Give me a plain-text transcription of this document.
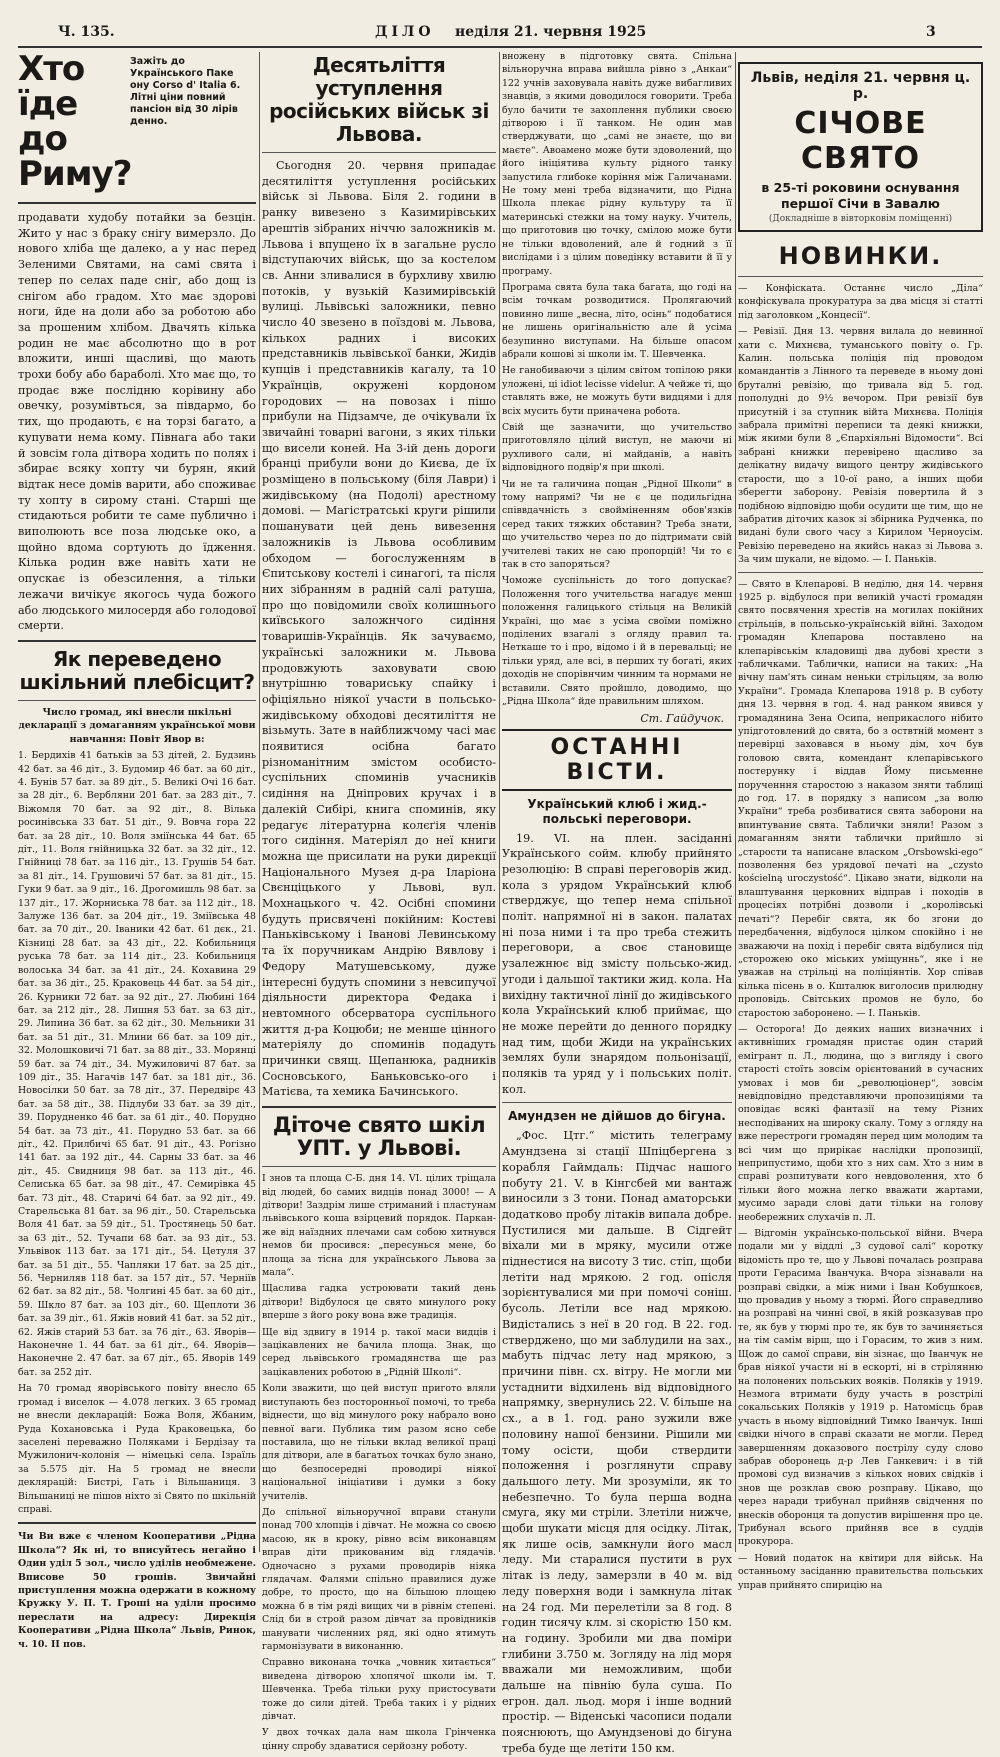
Ч. 135.	ДІЛО неділя 21. червня 1925	3
Хто їде до Риму?
Зажіть до Українського Паке ону Сorso d' Italia 6. Літні ціни повний пансіон від 30 лірів денно.

продавати худобу потайки за безцін. Жито у нас з браку снігу вимерзло. До нового хліба ще далеко, а у нас перед Зеленими Святами, на самі свята і тепер по селах паде сніг, або дощ із снігом або градом. Хто має здорові ноги, йде на доли або за роботою або за прошеним хлібом. Двачять кілька родин не має абсолютно що в рот вложити, инші щасливі, що мають трохи бобу або бараболі. Хто має що, то продає вже послідню корівину або овечку, розумівться, за півдармо, бо тих, що продають, є на торзі багато, а купувати нема кому. Півнага або таки й зовсім гола дітвора ходить по полях і збирає всяку хопту чи бурян, який відтак несе домів варити, або споживає ту хопту в сирому стані. Старші ще стидаються робити те саме публично і виполюють все поза людське око, а щойно вдома сортують до їдження. Кілька родин вже навіть хати не опускає із обезсилення, а тільки лежачи вичікує якогось чуда божого або людського милосердя або голодової смерти.

Як переведено шкільний плебісцит?

Число громад, які внесли шкільні декларації з домаганням української мови навчання: Повіт Явор в:

1. Бердихів 41 батьків за 53 дітей, 2. Будзинь 42 бат. за 46 діт., 3. Будомир 46 бат. за 60 діт., 4. Бунів 57 бат. за 89 діт., 5. Великі Очі 16 бат. за 28 діт., 6. Вербляни 201 бат. за 283 діт., 7. Віжомля 70 бат. за 92 діт., 8. Вілька росинівська 33 бат. 51 діт., 9. Вовча гора 22 бат. за 28 діт., 10. Воля зміїнська 44 бат. 65 діт., 11. Воля гнійницька 32 бат. за 32 діт., 12. Гнійниці 78 бат. за 116 діт., 13. Грушів 54 бат. за 81 діт., 14. Грушовичі 57 бат. за 81 діт., 15. Гуки 9 бат. за 9 діт., 16. Дрогомишль 98 бат. за 137 діт., 17. Жорниська 78 бат. за 112 діт., 18. Залуже 136 бат. за 204 діт., 19. Зміївська 48 бат. за 70 діт., 20. Іваники 42 бат. 61 дєк., 21. Кізниці 28 бат. за 43 діт., 22. Кобильниця руська 78 бат. за 114 діт., 23. Кобильниця волоська 34 бат. за 41 діт., 24. Кохавина 29 бат. за 36 діт., 25. Краковець 44 бат. за 54 діт., 26. Курники 72 бат. за 92 діт., 27. Любині 164 бат. за 212 діт., 28. Лишня 53 бат. за 63 діт., 29. Липина 36 бат. за 62 діт., 30. Мельники 31 бат. за 51 діт., 31. Млини 66 бат. за 109 діт., 32. Молошковичі 71 бат. за 88 діт., 33. Морянці 59 бат. за 74 діт., 34. Мужиловичі 87 бат. за 109 діт., 35. Нагачів 147 бат. за 181 діт., 36. Новосілки 50 бат. за 78 діт., 37. Передвірє 43 бат. за 58 діт., 38. Підлуби 33 бат. за 39 діт., 39. Порудненко 46 бат. за 61 діт., 40. Порудно 54 бат. за 73 діт., 41. Порудно 53 бат. за 66 діт., 42. Прилбичі 65 бат. 91 діт., 43. Рогізно 141 бат. за 192 діт., 44. Сарны 33 бат. за 46 діт., 45. Свидниця 98 бат. за 113 діт., 46. Селиська 65 бат. за 98 діт., 47. Семирівка 45 бат. 73 діт., 48. Старичі 64 бат. за 92 діт., 49. Старельська 81 бат. за 96 діт., 50. Старельська Воля 41 бат. за 59 діт., 51. Тростянець 50 бат. за 63 діт., 52. Тучапи 68 бат. за 93 діт., 53. Ульвівок 113 бат. за 171 діт., 54. Цетуля 37 бат. за 51 діт., 55. Чапляки 17 бат. за 25 діт., 56. Черниляв 118 бат. за 157 діт., 57. Черніїв 62 бат. за 82 діт., 58. Чолгині 45 бат. за 60 діт., 59. Шкло 87 бат. за 103 діт., 60. Щеплоти 36 бат. за 39 діт., 61. Яжів новий 41 бат. за 52 діт., 62. Яжів старий 53 бат. за 76 діт., 63. Яворів—Наконечне 1. 44 бат. за 61 діт., 64. Яворів—Наконечне 2. 47 бат. за 67 діт., 65. Яворів 149 бат. за 252 діт.

На 70 громад яворівського повіту внесло 65 громад і виселок — 4.078 легких. З 65 громад не внесли декларацій: Божа Воля, Жбаним, Руда Кохановська і Руда Краковецька, бо заселені переважно Поляками і Бердізау та Мужилонич-колонія — німецькі села. Ізраїль за 5.575 діт. На 5 громад не внесли деклярацій: Бистрі, Гать і Вільшаниця. З Вільшаниці не пішов ніхто зі Свято по шкільній справі.

Чи Ви вже є членом Кооперативи „Рідна Школа“? Як ні, то вписуйтесь негайно і Один уділ 5 зол., число уділів необмежене. Вписове 50 грошів. Звичайні приступлення можна одержати в кожному Кружку У. П. Т. Гроші на уділи просимо переслати на адресу: Дирекція Кооперативи „Рідна Школа“ Львів, Ринок, ч. 10. ІІ пов.

Десятьліття уступлення російських військ зі Львова.

Сьогодня 20. червня припадає десятиліття уступлення російських військ зі Львова. Біля 2. години в ранку вивезено з Казимирівських арештів зібраних ніччю заложників м. Львова і впущено їх в загальне русло відступаючих військ, що за костелом св. Анни зливалися в бурхливу хвилю потоків, у вузькій Казимирівській вулиці. Львівські заложники, певно число 40 звезено в поїздові м. Львова, кількох радних і високих представників львівської банки, Жидів купців і представників кагалу, та 10 Українців, окружені кордоном городових — на повозах і пішо прибули на Підзамче, де очікували їх звичайні товарні вагони, з яких тільки що висели коней. На 3-ій день дороги бранці прибули вони до Києва, де їх розміщено в польському (біля Лаври) і жидівському (на Подолі) арестному домові. — Магістратські круги рішили пошанувати цей день вивезення заложників із Львова особливим обходом — богослуженням в Єпитськову костелі і синагогі, та після них зібранням в радній салі ратуша, про що повідомили своїх колишнього київського заложнчого сидіння товаришів-Українців. Як зачуваємо, українські заложники м. Львова продовжують заховувати свою внутрішню товариську спайку і офіціяльно ніякої участи в польсько-жидівському обходові десятиліття не візьмуть. Зате в найближчому часі має появитися осібна багато різноманітним змістом особисто-суспільних споминів учасників сидіння на Дніпрових кручах і в далекій Сибірі, книга споминів, яку редагує літературна колєґія членів того сидіння. Матеріял до неї книги можна ще присилати на руки дирекції Національного Музея д-ра Іларіона Свєнціцького у Львові, вул. Мохнацького ч. 42. Осібні спомини будуть присвячені покійним: Костеві Паньківському і Іванові Левинському та їх поручникам Андрію Вявлову і Федору Матушевському, дуже інтересні будуть спомини з невсипучої діяльности директора Федака і невтомного обсерватора суспільного життя д-ра Коцюби; не менше цінного матеріялу до споминів подадуть причинки свящ. Щепанюка, радників Сосновського, Баньковсько-ого і Матієва, та хемика Бачинського.

Діточе свято шкіл УПТ. у Львові.

І знов та площа С-Б. дня 14. VI. цілих тріщала від людей, бо самих видців понад 3000! — А дітвори! Заздрім лише стриманий і пластунам львівського коша взірцевий порядок. Паркан-же від наїздних плечами сам собою хитнувся немов би просився: „пересунься мене, бо площа за тісна для українського Львова за мала“.

Щаслива гадка устроювати такий день дітвори! Відбулося це свято минулого року вперше з його року вона вже традиція.

Ще від здвигу в 1914 р. такої маси видців і зацікавлених не бачила площа. Знак, що серед львівського громадянства ще раз зацікавлених роботою в „Рідній Школі“.

Коли зважити, що цей виступ пригото вляли виступають без посторонньої помочі, то треба віднести, що від минулого року набрало воно певної ваги. Публика тим разом ясно себе поставила, що не тільки вклад великої праці для дітвори, але в багатьох точках було знано, що безпосередні проводирі ніякої національної ініціативи і думки з боку учителів.

До спільної вільноручної вправи станули понад 700 хлопців і дівчат. Не можна со своєю масою, як в кроку, рівно всім виконавцям вправ діти прикованим від глядачів. Одночасно з рухами проводирів ніяка глядачам. Фалями спільно правилися дуже добре, то просто, що на більшою площею можна б в тім ряді вищих чи в рівнім степені. Слід би в строй разом дівчат за провідників шанувати численних ряд, які одно ятимуть гармонізувати в виконанню.

Справно виконана точка „човник хитається“ виведена дітворою хлопячої школи ім. Т. Шевченка. Треба тільки руху пристосувати тоже до сили дітей. Треба таких і у рідних дівчат.

У двох точках дала нам школа Грінченка цінну спробу здаватися серйозну роботу.

вножену в підготовку свята. Спільна вільноручна вправа вийшла рівно з „Анкаи“ 122 учнів заховувала навіть дуже вибагливих знавців, з якими доводилося говорити. Треба було бачити те захоплення публики своєю дітворою і її танком. Не один мав стверджувати, що „самі не знаєте, що ви маєте“. Авоамено може бути здоволений, що його ініціятива культу рідного танку запустила глибоке коріння між Галичанами. Не тому мені треба відзначити, що Рідна Школа плекає рідну культуру та її материнські стежки на тому науку. Учитель, що приготовив цю точку, смілою може бути не тільки вдоволений, але й годний з її вислідами і з цілим поведінку вставити й її у програму.

Програма свята була така багата, що годі на всім точкам розводитися. Пролягаючий повинно лише „весна, літо, осінь“ подобатися не лишень оригінальністю але й усіма безупинно виступами. На більше опасом абрали кошові зі школи ім. Т. Шевченка.

Не ганобиваючи з цілим світом топілою ряки уложені, ці idiot lecisse videlur. А чейже ті, що ставлять вже, не можуть бути видцями і для всіх мусить бути приначена робота.

Свій ще зазначити, що учительство приготовляло цілий виступ, не маючи ні рухливого сали, ні майданів, а навіть відповідного подвір'я при школі.

Чи не та галичина пощан „Рідної Школи“ в тому напрямі? Чи не є це подильгідна співвдачність з свойміненням обов'язків серед таких тяжких обставин? Треба знати, що учительство через по до підтримати свій учителеві таких не саю пропорцій! Чи то є так в сто запоряться?

Чоможе суспільність до того допускає? Положення того учительства нагадує менш положення галицького стільця на Великій Україні, що має з усіма своїми поміжно поділених взагалі з огляду правил та. Неткаше то і про, відомо і й в перевальці; не тільки уряд, але всі, в перших ту богаті, яких доходів не спорівнчим чинним та нормами не вставили. Свято пройшло, доводимо, що „Рідна Школа“ йде правильним шляхом.

Ст. Гайдучок.
ОСТАННІ ВІСТИ.
Український клюб і жид.-польські переговори.

19. VI. на плен. засіданні Українського сойм. клюбу прийнято резолюцію: В справі переговорів жид. кола з урядом Український клюб стверджує, що тепер нема спільної політ. напрямної ні в закон. палатах ні поза ними і та про треба стежить переговори, а своє становище узалежнює від змісту польсько-жид. угоди і дальшої тактики жид. кола. На вихідну тактичної лінії до жидівського кола Український клюб приймає, що не може перейти до денного порядку над тим, щоби Жиди на українських землях були знарядом польонізації, поляків та уряд у і польських політ. кол.

Амундзен не дійшов до бігуна.

„Фос. Цтг.“ містить телеграму Амундзена зі стації Шпіцбергена з корабля Гаймдаль: Підчас нашого побуту 21. V. в Кінгсбей ми вантаж виносили з 3 тони. Понад аматорськи додатково пробу літаків випала добре. Пустилися ми дальше. В Сідгейт віхали ми в мряку, мусили отже піднестися на висоту 3 тис. стіп, щоби летіти над мрякою. 2 год. опісля зорієнтувалися ми при помочі соніш. бусоль. Летіли все над мрякою. Видістались з неї в 20 год. В 22. год. стверджено, що ми заблудили на зах., мабуть підчас лету над мрякою, з причини півн. сх. вітру. Не могли ми устаднити відхилень від відповідного напрямку, звернулись 22. V. більше на сх., а в 1. год. рано зужили вже половину нашої бензини. Рішили ми тому осісти, щоби ствердити положення і розглянути справу дальшого лету. Ми зрозуміли, як то небезпечно. То була перша водна смуга, яку ми стріли. Злетіли нижче, щоби шукати місця для осідку. Літак, як лише осів, замкнули його масл леду. Ми старалися пустити в рух літак із леду, замерзли в 40 м. від леду поверхня води і замкнула літак на 24 год. Ми перелетіли за 8 год. 8 годин тисячу клм. зі скорістю 150 км. на годину. Зробили ми два поміри глибини 3.750 м. Зогляду на лід моря вважали ми неможливим, щоби дальше на півнію була суша. По егрон. дал. льод. моря і інше водний простір. — Віденські часописи подали пояснюють, що Амундзенові до бігуна треба буде ще летіти 150 км.

Львів, неділя 21. червня ц. р.
СІЧОВЕ СВЯТО
в 25-ті роковини оснування першої Січи в Завалю
(Докладніше в вівторковім поміщенні)
НОВИНКИ.

— Конфіската. Останнє число „Діла“ конфіскувала прокуратура за два місця зі статті під заголовком „Концесії“.

— Ревізії. Дня 13. червня вилала до невинної хати с. Михнєва, туманського повіту о. Гр. Калин. польська поліція під проводом командантів з Лінного та переведе в ньому доні бруталні ревізію, що тривала від 5. год. пополудні до 9½ вечором. При ревізії був присутній і за ступник війта Михнєва. Поліція забрала примітні переписи та деякі книжки, між якими були 8 „Єпархіяльні Відомости“. Всі забрані книжки перевірено щасливо за делікатну видачу вищого центру жидівського старости, що з 10-ої рано, а інших щоби зберегти заборону. Ревізія повертила й з подібною відповідю щоби осудити ще тим, що не забратив діточих казок зі збірника Рудченка, по видані були свого часу з Кирилом Черноусім. Ревізію переведено на якийсь наказ зі Львова з. За чим шукали, не відомо. — І. Паньків.

— Свято в Клепарові. В неділю, дня 14. червня 1925 р. відбулося при великій участі громадян свято посвячення хрестів на могилах покійних стрільців, в польсько-українській війні. Заходом громадян Клепарова поставлено на клепарівськім кладовищі два дубові хрести з табличками. Таблички, написи на таких: „На вічну пам'ять синам неньки стрільцям, за волю України“. Громада Клепарова 1918 р. В суботу дня 13. червня в год. 4. над ранком явився у громадянина Зена Осипа, неприкаслого нібито упідготовлений до свята, бо з оствтній момент з перевірці заховався в ньому дім, хоч був головою свята, комендант клепарівського постерунку і віддав Йому письменне порученння старостою з наказом зняти таблиці до год. 17. в порядку з написом „за волю України“ треба розбиватися свята заборони на впинтувание свята. Таблички зняли! Разом з домаганням зняти таблички прийшло зі „старости та написане власком „Orsbowski-ego“ позволення без урядової печаті на „czysto kościelną uroczystość“. Цікаво знати, відколи на влаштування церковних відправ і походів в процесіях потрібні дозволи і „королівські печаті“? Перебіг свята, як бо згони до передбачення, відбулося цілком спокійно і не зважаючи на похід і перебіг свята відбулися під „сторожею око міських уміщуннь“, яке і не уважав на стрільці на поліціянтів. Хор співав кілька пісень в о. Кшталюк виголосив прилюдну проповідь. Світських промов не було, бо старостою заборонено. — І. Паньків.

— Осторога! До деяких наших визначних і активніших громадян пристає один старий емігрант п. Л., людина, що з вигляду і свого старості стоїть зовсім орієнтований в сучасних умовах і мов би „революціонер“, зовсім невідповідно представляючи пропозиціями та оповідає всякі фантазії на тему Різних несподіваних на широку скалу. Тому з огляду на вже перестроги громадян перед цим молодим та всі чим що прирікає наслідки пропозиції, неприпустимо, щоби хто з них сам. Хто з ним в справі розпитувати кого невдоволення, хто б тільки його можна легко вважати жартами, мусимо заради слові дати тільки на голову необережних слухачів п. Л.

— Відгомін українсько-польської війни. Вчера подали ми у віддлі „З судової салі“ коротку відомість про те, що у Львові почалась розправа проти Герасима Іванчука. Вчора зізнавали на розправі свідки, а між ними і Іван Кобушкоєв, що провадив у ньому з тюрмі. Його справедливо на розправі на чинні свої, в якій розказував про те, як був у тюрмі про те, як був то зачиняється на тім самім вірш, що і Горасим, то жив з ним. Щож до самої справи, він зізнає, що Іванчук не брав ніякої участи ні в ескорті, ні в стрілянню на полонених польських вояків. Поляків у 1919. Незмога втримати буду участь в розстрілі сокальських Поляків у 1919 р. Натомісць брав участь в ньому відповідний Тимко Іванчук. Інші свідки нічого в справі сказати не могли. Перед завершенням доказового пострілу суду слово забрав оборонець д-р Лев Ганкевич: і в тій промові суд визначив з кількох нових свідків і знов ще розклав свою розправу. Цікаво, що через наради трибунал прийняв свідчення по внесків оборонця та допустив вирішення про це. Трибунал всього прийняв все в суддів прокурора.

— Новий податок на квітири для військ. На останньому засіданню правительства польських управ прийнято спирицію на
